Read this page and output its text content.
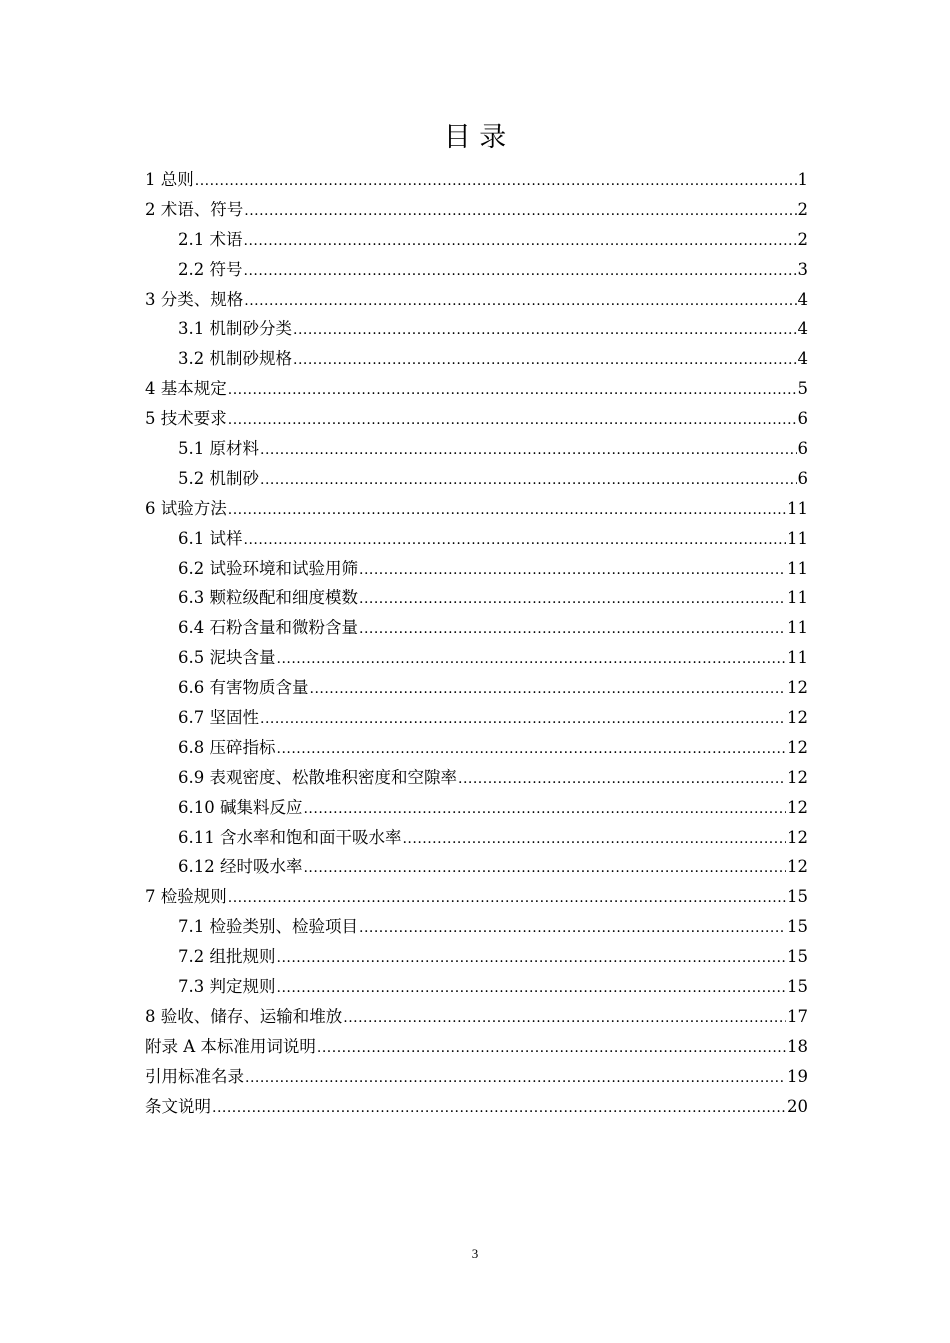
目 录
1 总则 .....	1
2 术语、符号 .....	2
2.1 术语 .....	2
2.2 符号 .....	3
3 分类、规格 .....	4
3.1 机制砂分类 .....	4
3.2 机制砂规格 .....	4
4 基本规定 .....	5
5 技术要求 .....	6
5.1 原材料 .....	6
5.2 机制砂 .....	6
6 试验方法 .....	11
6.1 试样 .....	11
6.2 试验环境和试验用筛 .....	11
6.3 颗粒级配和细度模数 .....	11
6.4 石粉含量和微粉含量 .....	11
6.5 泥块含量 .....	11
6.6 有害物质含量 .....	12
6.7 坚固性 .....	12
6.8 压碎指标 .....	12
6.9 表观密度、松散堆积密度和空隙率 .....	12
6.10 碱集料反应 .....	12
6.11 含水率和饱和面干吸水率 .....	12
6.12 经时吸水率 .....	12
7 检验规则 .....	15
7.1 检验类别、检验项目 .....	15
7.2 组批规则 .....	15
7.3 判定规则 .....	15
8 验收、储存、运输和堆放 .....	17
附录 A 本标准用词说明 .....	18
引用标准名录 .....	19
条文说明 .....	20
3
